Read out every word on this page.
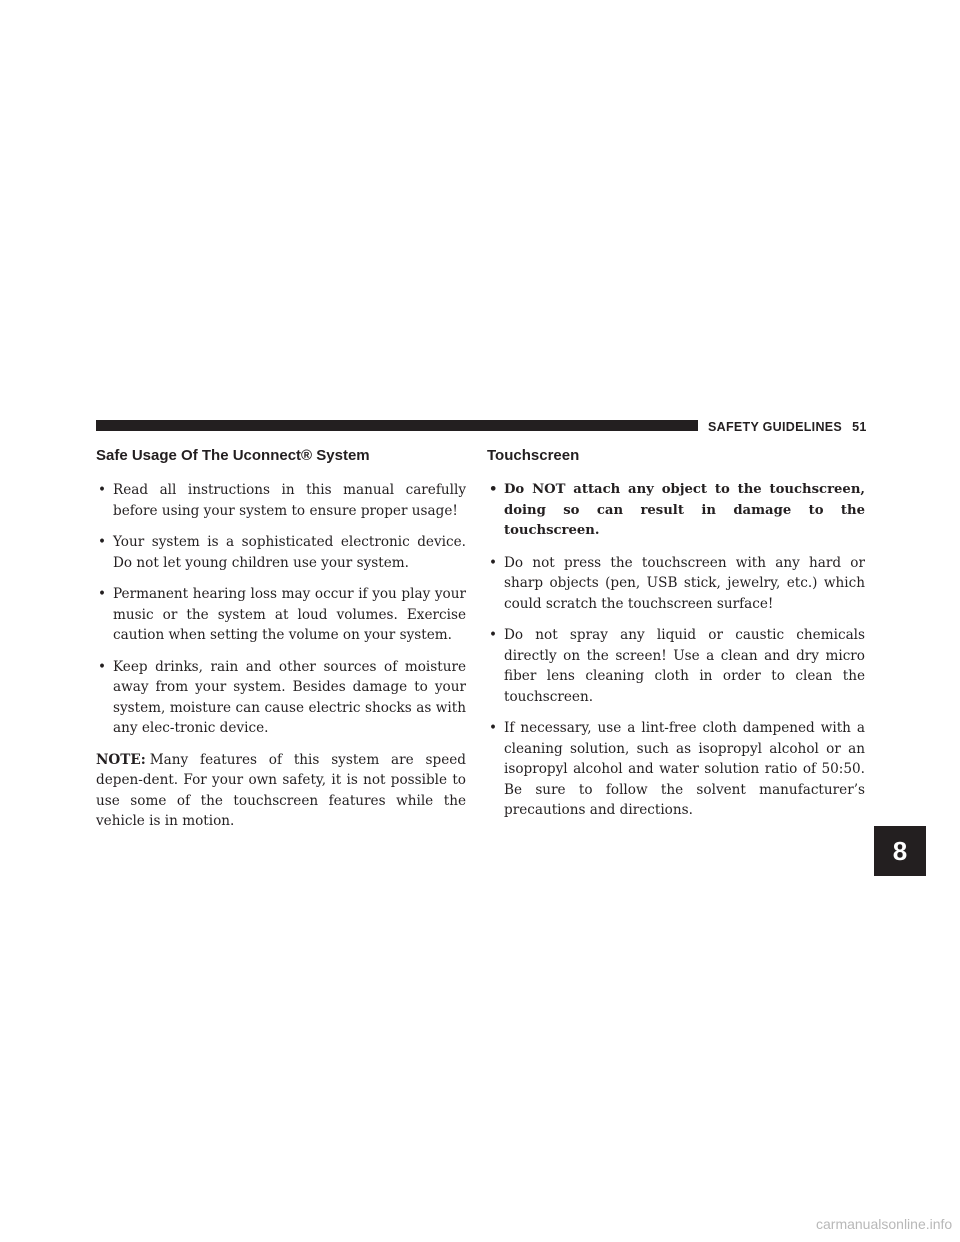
SAFETY GUIDELINES 51
Safe Usage Of The Uconnect® System
• Read all instructions in this manual carefully before using your system to ensure proper usage!
• Your system is a sophisticated electronic device. Do not let young children use your system.
• Permanent hearing loss may occur if you play your music or the system at loud volumes. Exercise caution when setting the volume on your system.
• Keep drinks, rain and other sources of moisture away from your system. Besides damage to your system, moisture can cause electric shocks as with any elec-tronic device.

NOTE: Many features of this system are speed depen-dent. For your own safety, it is not possible to use some of the touchscreen features while the vehicle is in motion.

Touchscreen
• Do NOT attach any object to the touchscreen, doing so can result in damage to the touchscreen.
• Do not press the touchscreen with any hard or sharp objects (pen, USB stick, jewelry, etc.) which could scratch the touchscreen surface!
• Do not spray any liquid or caustic chemicals directly on the screen! Use a clean and dry micro fiber lens cleaning cloth in order to clean the touchscreen.
• If necessary, use a lint-free cloth dampened with a cleaning solution, such as isopropyl alcohol or an isopropyl alcohol and water solution ratio of 50:50. Be sure to follow the solvent manufacturer’s precautions and directions.
8
carmanualsonline.info
